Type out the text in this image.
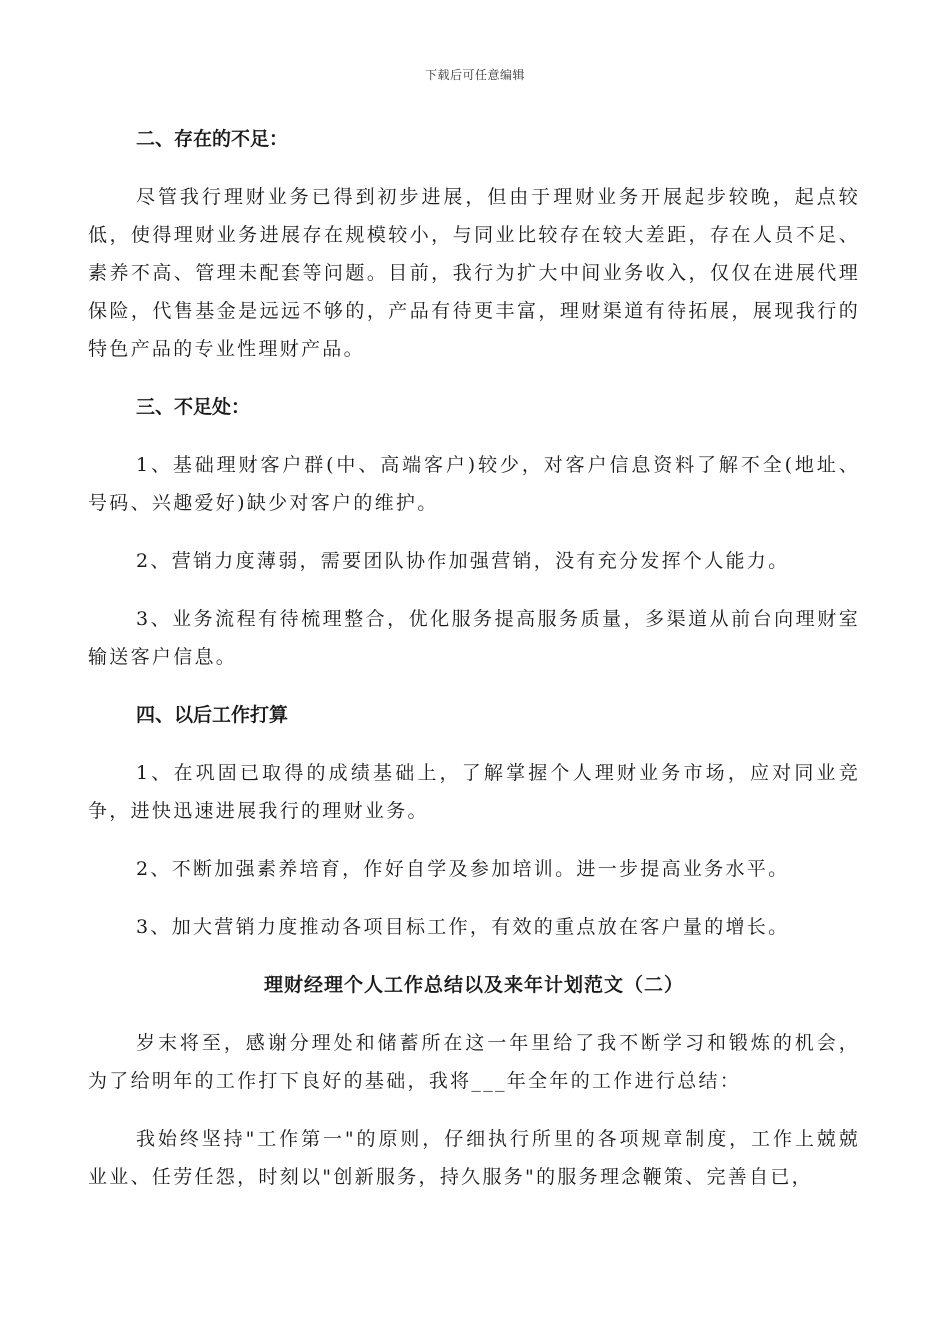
下载后可任意编辑

二、存在的不足：

尽管我行理财业务已得到初步进展，但由于理财业务开展起步较晚，起点较低，使得理财业务进展存在规模较小，与同业比较存在较大差距，存在人员不足、素养不高、管理未配套等问题。目前，我行为扩大中间业务收入，仅仅在进展代理保险，代售基金是远远不够的，产品有待更丰富，理财渠道有待拓展，展现我行的特色产品的专业性理财产品。

三、不足处：

1、基础理财客户群(中、高端客户)较少，对客户信息资料了解不全(地址、号码、兴趣爱好)缺少对客户的维护。

2、营销力度薄弱，需要团队协作加强营销，没有充分发挥个人能力。

3、业务流程有待梳理整合，优化服务提高服务质量，多渠道从前台向理财室输送客户信息。

四、以后工作打算

1、在巩固已取得的成绩基础上，了解掌握个人理财业务市场，应对同业竞争，进快迅速进展我行的理财业务。

2、不断加强素养培育，作好自学及参加培训。进一步提高业务水平。

3、加大营销力度推动各项目标工作，有效的重点放在客户量的增长。

理财经理个人工作总结以及来年计划范文（二）

岁末将至，感谢分理处和储蓄所在这一年里给了我不断学习和锻炼的机会，为了给明年的工作打下良好的基础，我将___年全年的工作进行总结：

我始终坚持"工作第一"的原则，仔细执行所里的各项规章制度，工作上兢兢业业、任劳任怨，时刻以"创新服务，持久服务"的服务理念鞭策、完善自已，
